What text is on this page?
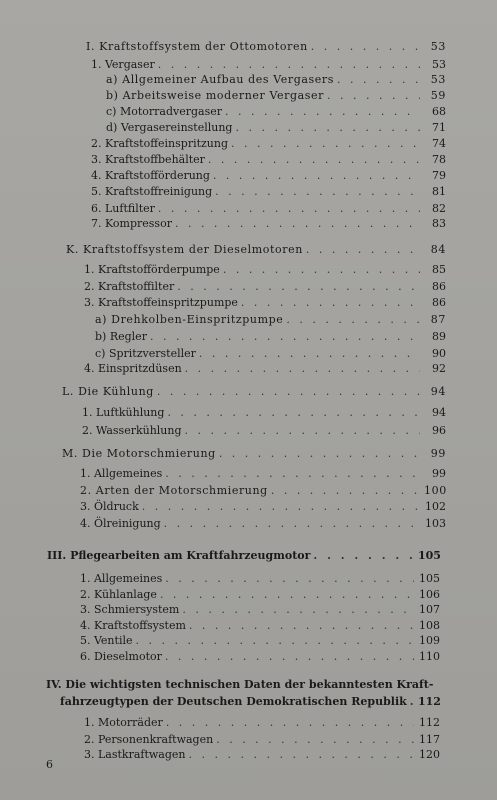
I. Kraftstoffsystem der Ottomotoren . . .	53
1. Vergaser . . .	53
a) Allgemeiner Aufbau des Vergasers . . .	53
b) Arbeitsweise moderner Vergaser . . .	59
c) Motorradvergaser . . .	68
d) Vergasereinstellung . . .	71
2. Kraftstoffeinspritzung . . .	74
3. Kraftstoffbehälter . . .	78
4. Kraftstofförderung . . .	79
5. Kraftstoffreinigung . . .	81
6. Luftfilter . . .	82
7. Kompressor . . .	83
K. Kraftstoffsystem der Dieselmotoren . . .	84
1. Kraftstofförderpumpe . . .	85
2. Kraftstoffilter . . .	86
3. Kraftstoffeinspritzpumpe . . .	86
a) Drehkolben-Einspritzpumpe . . .	87
b) Regler . . .	89
c) Spritzversteller . . .	90
4. Einspritzdüsen . . .	92
L. Die Kühlung . . .	94
1. Luftkühlung . . .	94
2. Wasserkühlung . . .	96
M. Die Motorschmierung . . .	99
1. Allgemeines . . .	99
2. Arten der Motorschmierung . . .	100
3. Öldruck . . .	102
4. Ölreinigung . . .	103
III. Pflegearbeiten am Kraftfahrzeugmotor . . .	105
1. Allgemeines . . .	105
2. Kühlanlage . . .	106
3. Schmiersystem . . .	107
4. Kraftstoffsystem . . .	108
5. Ventile . . .	109
6. Dieselmotor . . .	110
IV. Die wichtigsten technischen Daten der bekanntesten Kraft-
fahrzeugtypen der Deutschen Demokratischen Republik . . .	112
1. Motorräder . . .	112
2. Personenkraftwagen . . .	117
3. Lastkraftwagen . . .	120
6
